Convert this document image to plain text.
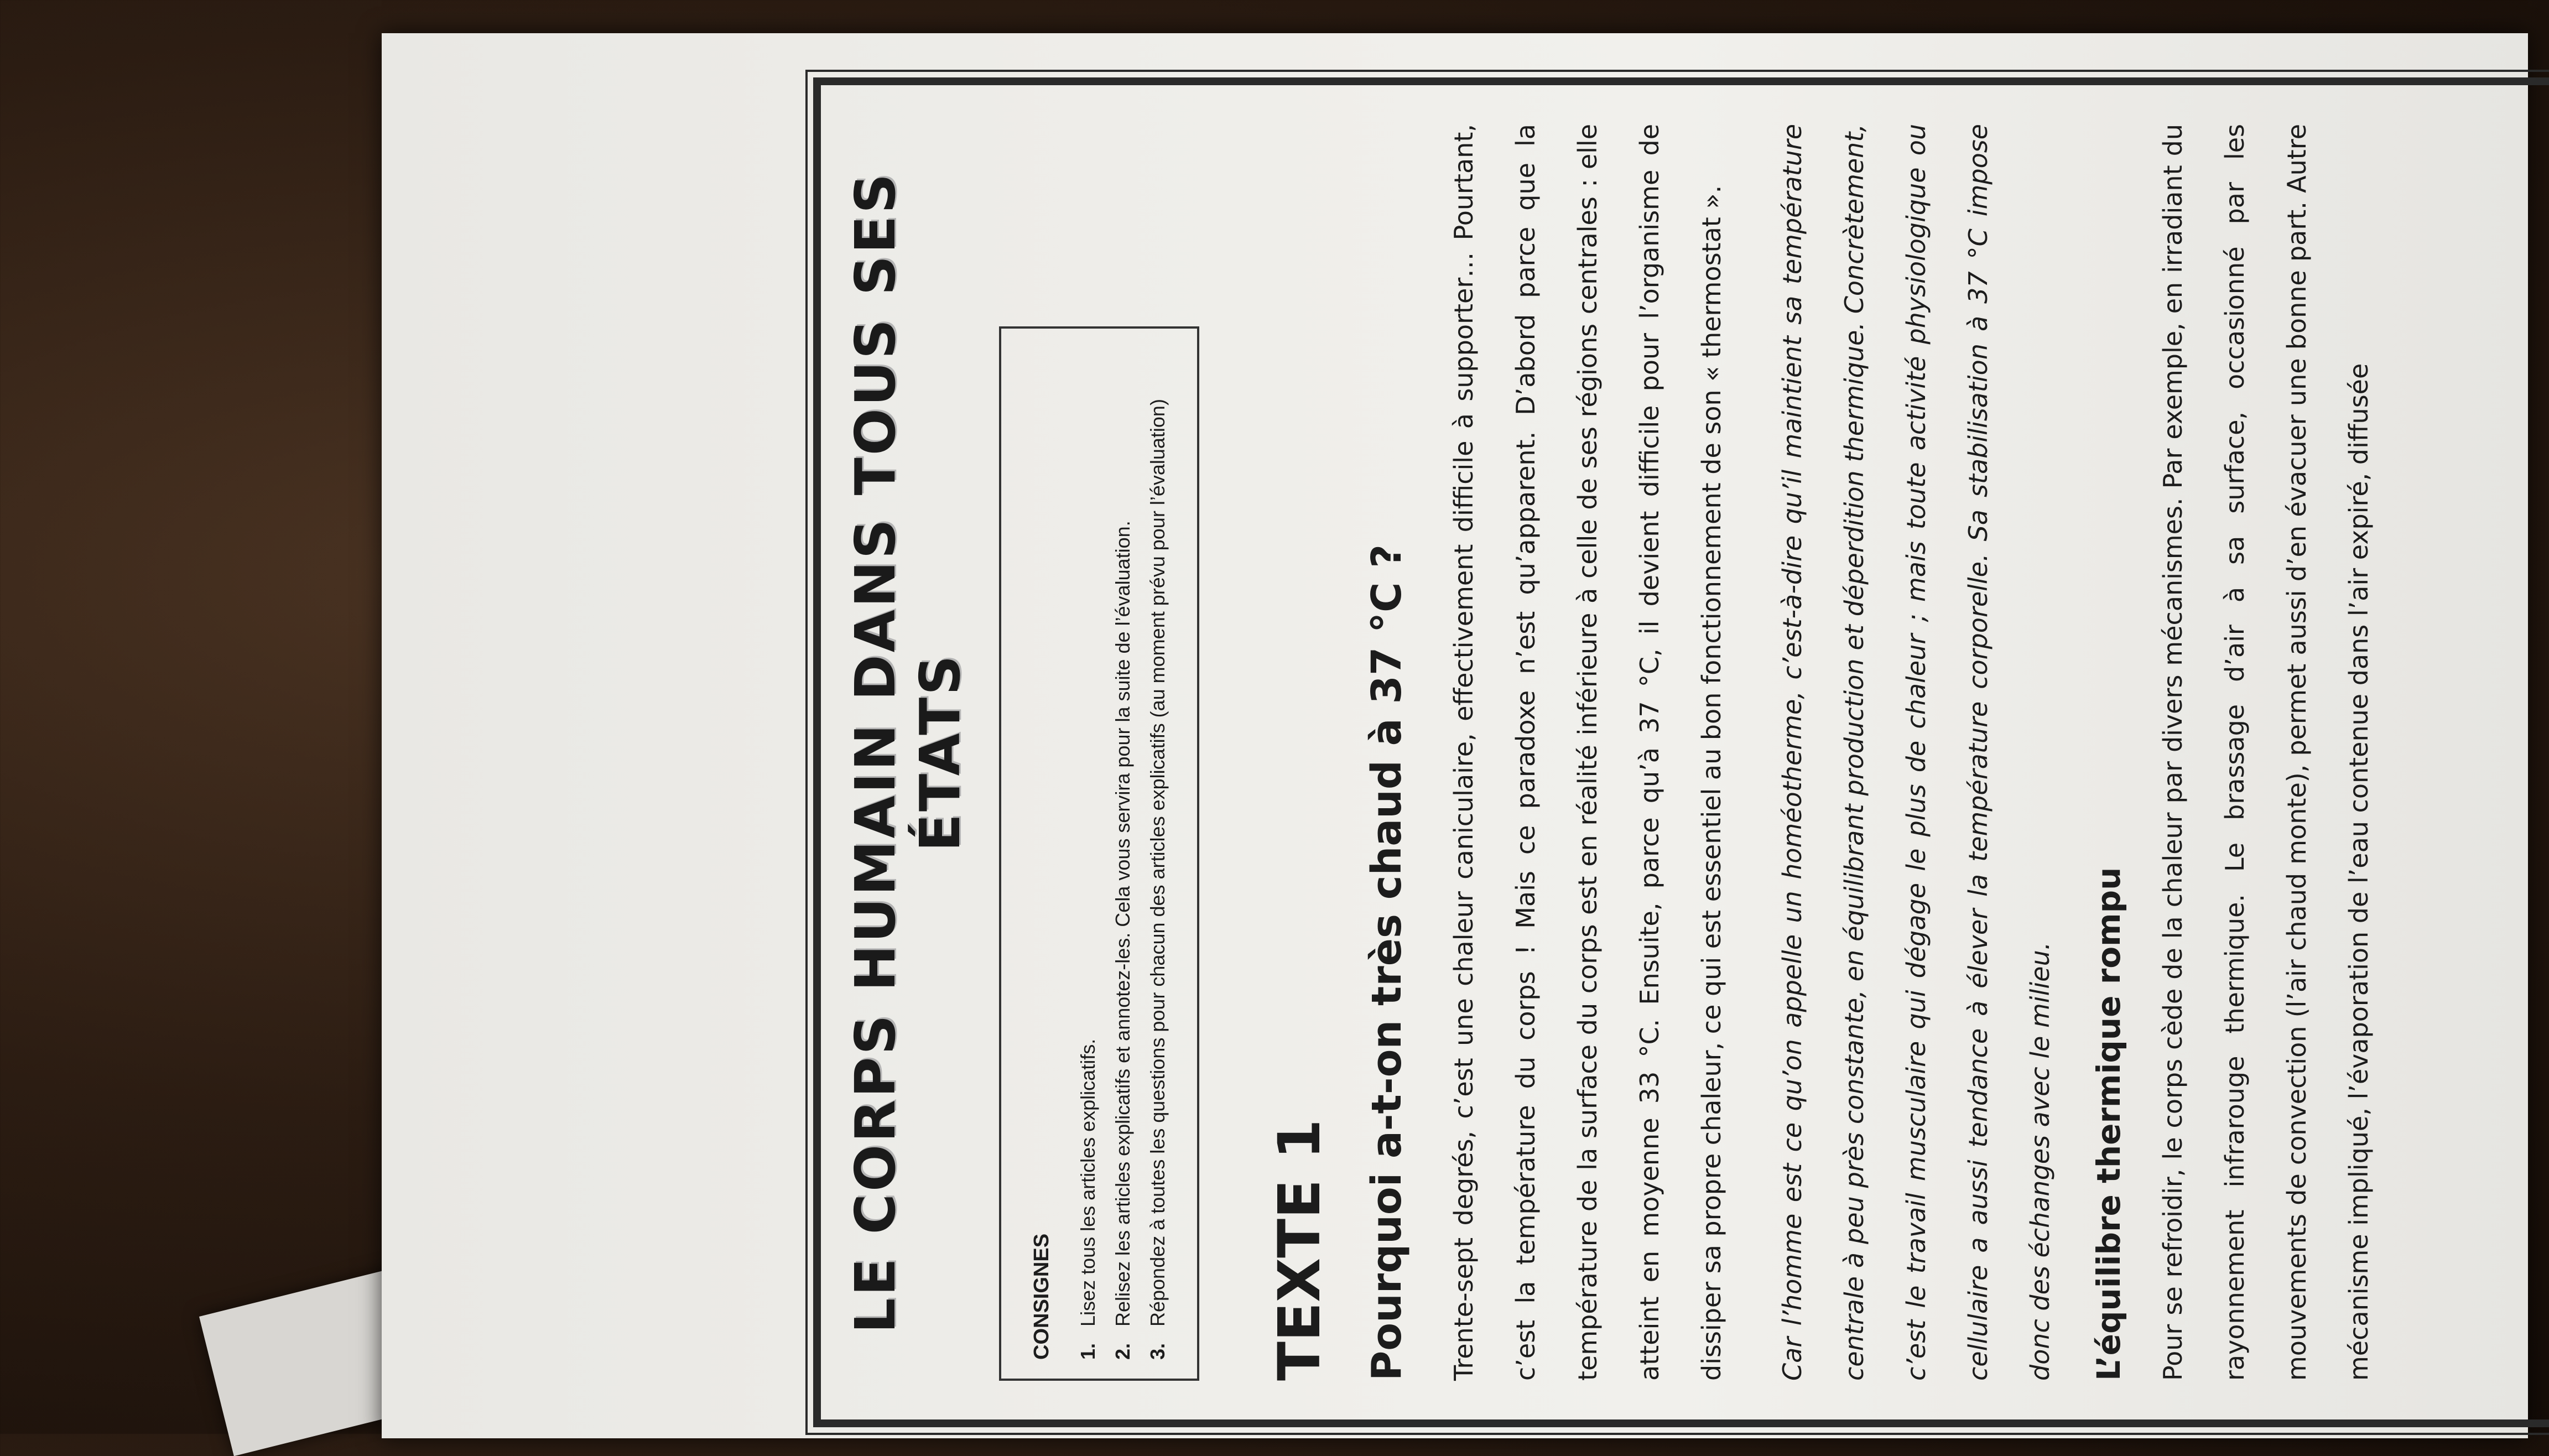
LE CORPS HUMAIN DANS TOUS SES ÉTATS
CONSIGNES	1.
Lisez tous les articles explicatifs.
2.
Relisez les articles explicatifs et annotez-les. Cela vous servira pour la suite de l’évaluation.
3.
Répondez à toutes les questions pour chacun des articles explicatifs (au moment prévu pour l’évaluation) TEXTE 1 Pourquoi a-t-on très chaud à 37 °C ?	Trente-sept degrés, c’est une chaleur caniculaire, effectivement difficile à supporter… Pourtant, c’est la température du corps ! Mais ce paradoxe n’est qu’apparent. D’abord parce que la température de la surface du corps est en réalité inférieure à celle de ses régions centrales : elle atteint en moyenne 33 °C. Ensuite, parce qu’à 37 °C, il devient difficile pour l’organisme de dissiper sa propre chaleur, ce qui est essentiel au bon fonctionnement de son « thermostat ».	Car l’homme est ce qu’on appelle un homéotherme, c’est-à-dire qu’il maintient sa température centrale à peu près constante, en équilibrant production et déperdition thermique. Concrètement, c’est le travail musculaire qui dégage le plus de chaleur ; mais toute activité physiologique ou cellulaire a aussi tendance à élever la température corporelle. Sa stabilisation à 37 °C impose donc des échanges avec le milieu.	L’équilibre thermique rompu	Pour se refroidir, le corps cède de la chaleur par divers mécanismes. Par exemple, en irradiant du rayonnement infrarouge thermique. Le brassage d’air à sa surface, occasionné par les mouvements de convection (l’air chaud monte), permet aussi d’en évacuer une bonne part. Autre mécanisme impliqué, l’évaporation de l’eau contenue dans l’air expiré, diffusée
